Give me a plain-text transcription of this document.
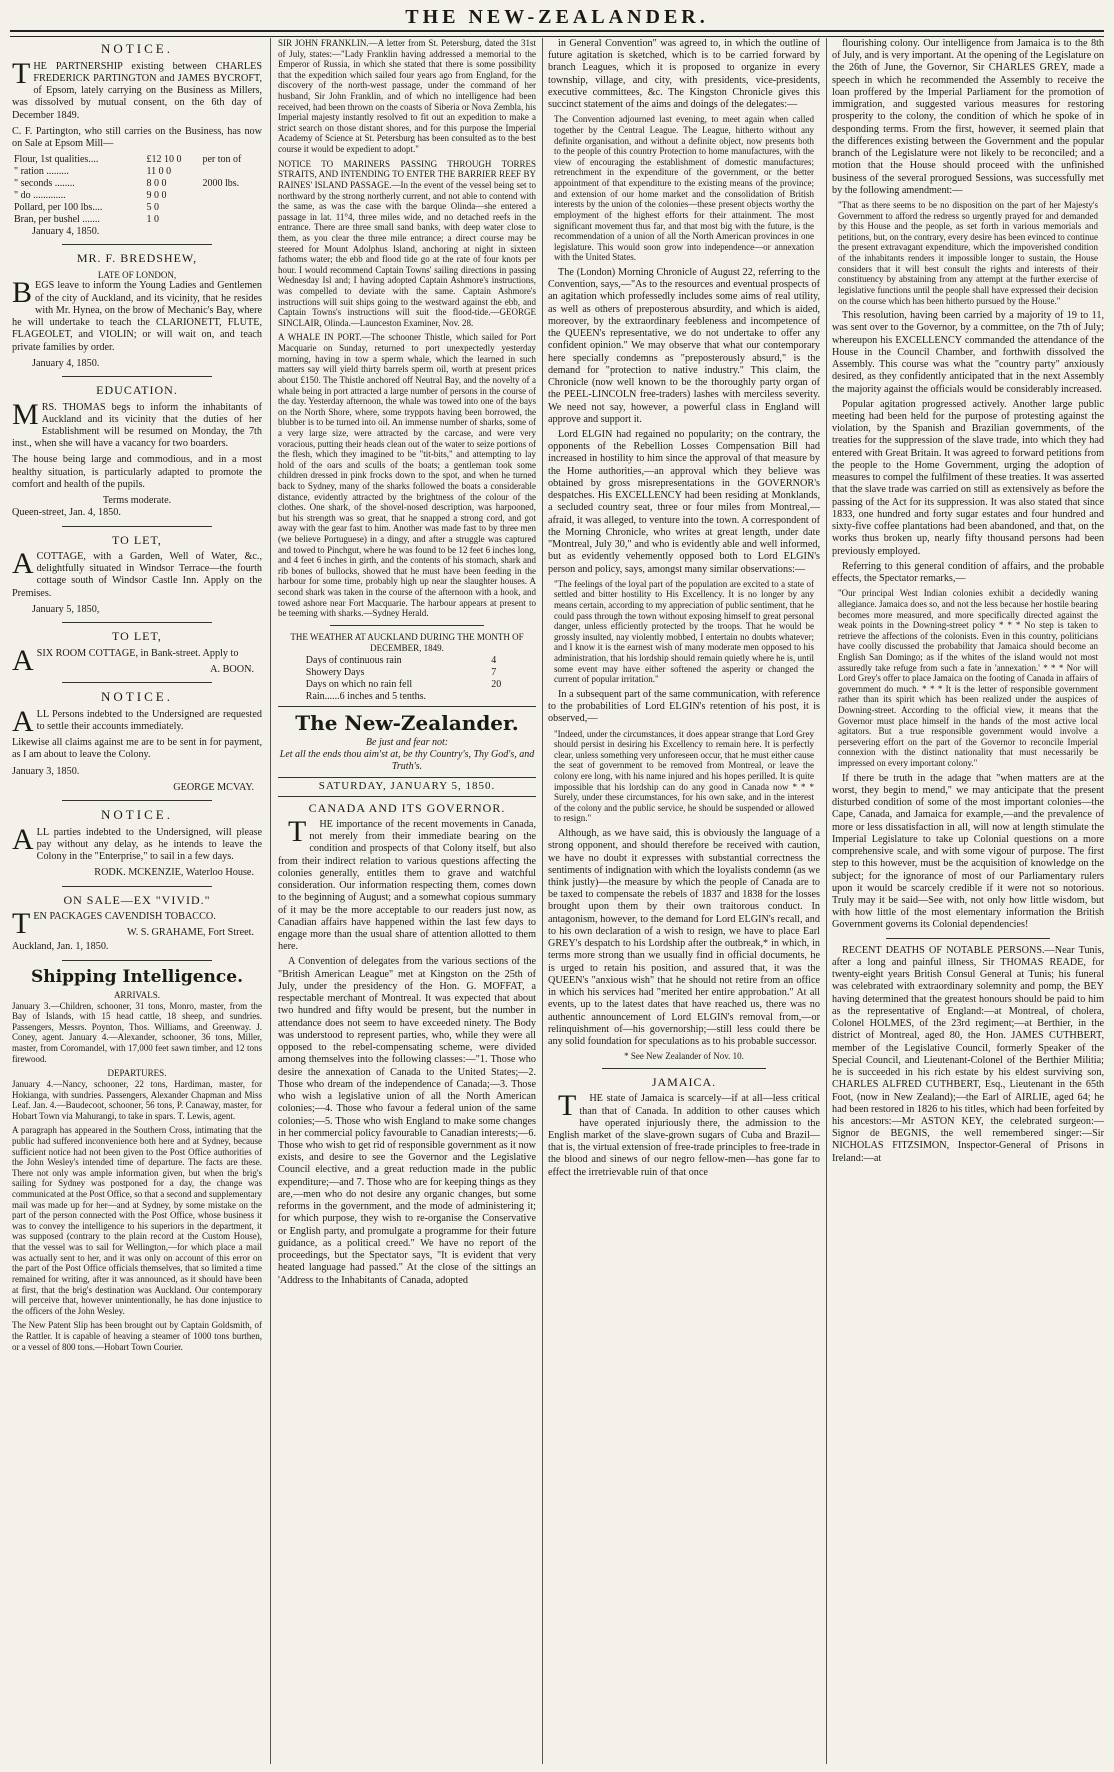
THE NEW-ZEALANDER.
NOTICE.
THE PARTNERSHIP existing between CHARLES FREDERICK PARTINGTON and JAMES BYCROFT, of Epsom, lately carrying on the Business as Millers, was dissolved by mutual consent, on the 6th day of December 1849.
C. F. Partington, who still carries on the Business, has now on Sale at Epsom Mill—
Flour, 1st qualities....	£12 10 0	per ton of
" ration .........	11 0 0	
" seconds ........	8 0 0	2000 lbs.
" do .............	9 0 0	
Pollard, per 100 lbs....	5 0	
Bran, per bushel .......	1 0	
January 4, 1850.
MR. F. BREDSHEW,
LATE OF LONDON,
BEGS leave to inform the Young Ladies and Gentlemen of the city of Auckland, and its vicinity, that he resides with Mr. Hynea, on the brow of Mechanic's Bay, where he will undertake to teach the CLARIONETT, FLUTE, FLAGEOLET, and VIOLIN; or will wait on, and teach private families by order.
January 4, 1850.
EDUCATION.
MRS. THOMAS begs to inform the inhabitants of Auckland and its vicinity that the duties of her Establishment will be resumed on Monday, the 7th inst., when she will have a vacancy for two boarders.
The house being large and commodious, and in a most healthy situation, is particularly adapted to promote the comfort and health of the pupils.
Terms moderate.
Queen-street, Jan. 4, 1850.
TO LET,
ACOTTAGE, with a Garden, Well of Water, &c., delightfully situated in Windsor Terrace—the fourth cottage south of Windsor Castle Inn. Apply on the Premises.
January 5, 1850,
TO LET,
ASIX ROOM COTTAGE, in Bank-street. Apply to
A. BOON.
NOTICE.
ALL Persons indebted to the Undersigned are requested to settle their accounts immediately.
Likewise all claims against me are to be sent in for payment, as I am about to leave the Colony.
January 3, 1850.
GEORGE MCVAY.
NOTICE.
ALL parties indebted to the Undersigned, will please pay without any delay, as he intends to leave the Colony in the "Enterprise," to sail in a few days.
RODK. MCKENZIE, Waterloo House.
ON SALE—EX "VIVID."
TEN PACKAGES CAVENDISH TOBACCO.
W. S. GRAHAME, Fort Street.
Auckland, Jan. 1, 1850.
Shipping Intelligence.
ARRIVALS.
January 3.—Children, schooner, 31 tons, Monro, master, from the Bay of Islands, with 15 head cattle, 18 sheep, and sundries. Passengers, Messrs. Poynton, Thos. Williams, and Greenway. J. Coney, agent. January 4.—Alexander, schooner, 36 tons, Miller, master, from Coromandel, with 17,000 feet sawn timber, and 12 tons firewood.
DEPARTURES.
January 4.—Nancy, schooner, 22 tons, Hardiman, master, for Hokianga, with sundries. Passengers, Alexander Chapman and Miss Leaf. Jan. 4.—Baudecoot, schooner, 56 tons, P. Canaway, master, for Hobart Town via Mahurangi, to take in spars. T. Lewis, agent.
A paragraph has appeared in the Southern Cross, intimating that the public had suffered inconvenience both here and at Sydney, because sufficient notice had not been given to the Post Office authorities of the John Wesley's intended time of departure. The facts are these. There not only was ample information given, but when the brig's sailing for Sydney was postponed for a day, the change was communicated at the Post Office, so that a second and supplementary mail was made up for her—and at Sydney, by some mistake on the part of the person connected with the Post Office, whose business it was to convey the intelligence to his superiors in the department, it was supposed (contrary to the plain record at the Custom House), that the vessel was to sail for Wellington,—for which place a mail was actually sent to her, and it was only on account of this error on the part of the Post Office officials themselves, that so limited a time remained for writing, after it was announced, as it should have been at first, that the brig's destination was Auckland. Our contemporary will perceive that, however unintentionally, he has done injustice to the officers of the John Wesley.
The New Patent Slip has been brought out by Captain Goldsmith, of the Rattler. It is capable of heaving a steamer of 1000 tons burthen, or a vessel of 800 tons.—Hobart Town Courier.
SIR JOHN FRANKLIN.—A letter from St. Petersburg, dated the 31st of July, states:—"Lady Franklin having addressed a memorial to the Emperor of Russia, in which she stated that there is some possibility that the expedition which sailed four years ago from England, for the discovery of the north-west passage, under the command of her husband, Sir John Franklin, and of which no intelligence had been received, had been thrown on the coasts of Siberia or Nova Zembla, his Imperial majesty instantly resolved to fit out an expedition to make a strict search on those distant shores, and for this purpose the Imperial Academy of Science at St. Petersburg has been consulted as to the best course it would be expedient to adopt."
NOTICE TO MARINERS PASSING THROUGH TORRES STRAITS, AND INTENDING TO ENTER THE BARRIER REEF BY RAINES' ISLAND PASSAGE.—In the event of the vessel being set to northward by the strong northerly current, and not able to contend with the same, as was the case with the barque Olinda—she entered a passage in lat. 11°4, three miles wide, and no detached reefs in the entrance. There are three small sand banks, with deep water close to them, as you clear the three mile entrance; a direct course may be steered for Mount Adolphus Island, anchoring at night in sixteen fathoms water; the ebb and flood tide go at the rate of four knots per hour. I would recommend Captain Towns' sailing directions in passing Wednesday Isl and; I having adopted Captain Ashmore's instructions, was compelled to deviate with the same. Captain Ashmore's instructions will suit ships going to the westward against the ebb, and Captain Towns's instructions will suit the flood-tide.—GEORGE SINCLAIR, Olinda.—Launceston Examiner, Nov. 28.
A WHALE IN PORT.—The schooner Thistle, which sailed for Port Macquarie on Sunday, returned to port unexpectedly yesterday morning, having in tow a sperm whale, which the learned in such matters say will yield thirty barrels sperm oil, worth at present prices about £150. The Thistle anchored off Neutral Bay, and the novelty of a whale being in port attracted a large number of persons in the course of the day. Yesterday afternoon, the whale was towed into one of the bays on the North Shore, where, some tryppots having been borrowed, the blubber is to be turned into oil. An immense number of sharks, some of a very large size, were attracted by the carcase, and were very voracious, putting their heads clean out of the water to seize portions of the flesh, which they imagined to be "tit-bits," and attempting to lay hold of the oars and sculls of the boats; a gentleman took some children dressed in pink frocks down to the spot, and when he turned back to Sydney, many of the sharks followed the boats a considerable distance, evidently attracted by the brightness of the colour of the clothes. One shark, of the shovel-nosed description, was harpooned, but his strength was so great, that he snapped a strong cord, and got away with the gear fast to him. Another was made fast to by three men (we believe Portuguese) in a dingy, and after a struggle was captured and towed to Pinchgut, where he was found to be 12 feet 6 inches long, and 4 feet 6 inches in girth, and the contents of his stomach, shark and rib bones of bullocks, showed that he must have been feeding in the harbour for some time, probably high up near the slaughter houses. A second shark was taken in the course of the afternoon with a hook, and towed ashore near Fort Macquarie. The harbour appears at present to be teeming with sharks.—Sydney Herald.
THE WEATHER AT AUCKLAND DURING THE MONTH OF DECEMBER, 1849.
Days of continuous rain	4
Showery Days	7
Days on which no rain fell	20
Rain......6 inches and 5 tenths.	
The New-Zealander.
Be just and fear not:
Let all the ends thou aim'st at, be thy Country's, Thy God's, and Truth's.
SATURDAY, JANUARY 5, 1850.
CANADA AND ITS GOVERNOR.

THE importance of the recent movements in Canada, not merely from their immediate bearing on the condition and prospects of that Colony itself, but also from their indirect relation to various questions affecting the colonies generally, entitles them to grave and watchful consideration. Our information respecting them, comes down to the beginning of August; and a somewhat copious summary of it may be the more acceptable to our readers just now, as Canadian affairs have happened within the last few days to engage more than the usual share of attention allotted to them here.

A Convention of delegates from the various sections of the "British American League" met at Kingston on the 25th of July, under the presidency of the Hon. G. MOFFAT, a respectable merchant of Montreal. It was expected that about two hundred and fifty would be present, but the number in attendance does not seem to have exceeded ninety. The Body was understood to represent parties, who, while they were all opposed to the rebel-compensating scheme, were divided among themselves into the following classes:—"1. Those who desire the annexation of Canada to the United States;—2. Those who dream of the independence of Canada;—3. Those who wish a legislative union of all the North American colonies;—4. Those who favour a federal union of the same colonies;—5. Those who wish England to make some changes in her commercial policy favourable to Canadian interests;—6. Those who wish to get rid of responsible government as it now exists, and desire to see the Governor and the Legislative Council elective, and a great reduction made in the public expenditure;—and 7. Those who are for keeping things as they are,—men who do not desire any organic changes, but some reforms in the government, and the mode of administering it; for which purpose, they wish to re-organise the Conservative or English party, and promulgate a programme for their future guidance, as a political creed." We have no report of the proceedings, but the Spectator says, "It is evident that very heated language had passed." At the close of the sittings an 'Address to the Inhabitants of Canada, adopted

in General Convention" was agreed to, in which the outline of future agitation is sketched, which is to be carried forward by branch Leagues, which it is proposed to organize in every township, village, and city, with presidents, vice-presidents, executive committees, &c. The Kingston Chronicle gives this succinct statement of the aims and doings of the delegates:—

The Convention adjourned last evening, to meet again when called together by the Central League. The League, hitherto without any definite organisation, and without a definite object, now presents both to the people of this country Protection to home manufactures, with the view of encouraging the establishment of domestic manufactures; retrenchment in the expenditure of the government, or the better appointment of that expenditure to the existing means of the province; and extension of our home market and the consolidation of British interests by the union of the colonies—these present objects worthy the employment of the highest efforts for their attainment. The most significant movement thus far, and that most big with the future, is the recommendation of a union of all the North American provinces in one legislature. This would soon grow into independence—or annexation with the United States.

The (London) Morning Chronicle of August 22, referring to the Convention, says,—"As to the resources and eventual prospects of an agitation which professedly includes some aims of real utility, as well as others of preposterous absurdity, and which is aided, moreover, by the extraordinary feebleness and incompetence of the QUEEN's representative, we do not undertake to offer any confident opinion." We may observe that what our contemporary here specially condemns as "preposterously absurd," is the demand for "protection to native industry." This claim, the Chronicle (now well known to be the thoroughly party organ of the PEEL-LINCOLN free-traders) lashes with merciless severity. We need not say, however, a powerful class in England will approve and support it.

Lord ELGIN had regained no popularity; on the contrary, the opponents of the Rebellion Losses Compensation Bill had increased in hostility to him since the approval of that measure by the Home authorities,—an approval which they believe was obtained by gross misrepresentations in the GOVERNOR's despatches. His EXCELLENCY had been residing at Monklands, a secluded country seat, three or four miles from Montreal,—afraid, it was alleged, to venture into the town. A correspondent of the Morning Chronicle, who writes at great length, under date "Montreal, July 30," and who is evidently able and well informed, but as evidently vehemently opposed both to Lord ELGIN's person and policy, says, amongst many similar observations:—

"The feelings of the loyal part of the population are excited to a state of settled and bitter hostility to His Excellency. It is no longer by any means certain, according to my appreciation of public sentiment, that he could pass through the town without exposing himself to great personal danger, unless efficiently protected by the troops. That he would be grossly insulted, nay violently mobbed, I entertain no doubts whatever; and I know it is the earnest wish of many moderate men opposed to his administration, that his lordship should remain quietly where he is, until some event may have either softened the asperity or changed the current of popular irritation."

In a subsequent part of the same communication, with reference to the probabilities of Lord ELGIN's retention of his post, it is observed,—

"Indeed, under the circumstances, it does appear strange that Lord Grey should persist in desiring his Excellency to remain here. It is perfectly clear, unless something very unforeseen occur, that he must either cause the seat of government to be removed from Montreal, or leave the colony ere long, with his name injured and his hopes perilled. It is quite impossible that his lordship can do any good in Canada now * * * Surely, under these circumstances, for his own sake, and in the interest of the colony and the public service, he should be suspended or allowed to resign."

Although, as we have said, this is obviously the language of a strong opponent, and should therefore be received with caution, we have no doubt it expresses with substantial correctness the sentiments of indignation with which the loyalists condemn (as we think justly)—the measure by which the people of Canada are to be taxed to compensate the rebels of 1837 and 1838 for the losses brought upon them by their own traitorous conduct. In antagonism, however, to the demand for Lord ELGIN's recall, and to his own declaration of a wish to resign, we have to place Earl GREY's despatch to his Lordship after the outbreak,* in which, in terms more strong than we usually find in official documents, he is urged to retain his position, and assured that, it was the QUEEN's "anxious wish" that he should not retire from an office in which his services had "merited her entire approbation." At all events, up to the latest dates that have reached us, there was no authentic announcement of Lord ELGIN's removal from,—or relinquishment of—his governorship;—still less could there be any solid foundation for speculations as to his probable successor.

* See New Zealander of Nov. 10.
JAMAICA.

THE state of Jamaica is scarcely—if at all—less critical than that of Canada. In addition to other causes which have operated injuriously there, the admission to the English market of the slave-grown sugars of Cuba and Brazil—that is, the virtual extension of free-trade principles to free-trade in the blood and sinews of our negro fellow-men—has gone far to effect the irretrievable ruin of that once

flourishing colony. Our intelligence from Jamaica is to the 8th of July, and is very important. At the opening of the Legislature on the 26th of June, the Governor, Sir CHARLES GREY, made a speech in which he recommended the Assembly to receive the loan proffered by the Imperial Parliament for the promotion of immigration, and suggested various measures for restoring prosperity to the colony, the condition of which he spoke of in desponding terms. From the first, however, it seemed plain that the differences existing between the Government and the popular branch of the Legislature were not likely to be reconciled; and a motion that the House should proceed with the unfinished business of the several prorogued Sessions, was successfully met by the following amendment:—

"That as there seems to be no disposition on the part of her Majesty's Government to afford the redress so urgently prayed for and demanded by this House and the people, as set forth in various memorials and petitions, but, on the contrary, every desire has been evinced to continue the present extravagant expenditure, which the impoverished condition of the inhabitants renders it impossible longer to sustain, the House considers that it will best consult the rights and interests of their constituency by abstaining from any attempt at the further exercise of legislative functions until the people shall have expressed their decision on the course which has been hitherto pursued by the House."

This resolution, having been carried by a majority of 19 to 11, was sent over to the Governor, by a committee, on the 7th of July; whereupon his EXCELLENCY commanded the attendance of the House in the Council Chamber, and forthwith dissolved the Assembly. This course was what the "country party" anxiously desired, as they confidently anticipated that in the next Assembly the majority against the officials would be considerably increased.

Popular agitation progressed actively. Another large public meeting had been held for the purpose of protesting against the violation, by the Spanish and Brazilian governments, of the treaties for the suppression of the slave trade, into which they had entered with Great Britain. It was agreed to forward petitions from the people to the Home Government, urging the adoption of measures to compel the fulfilment of these treaties. It was asserted that the slave trade was carried on still as extensively as before the passing of the Act for its suppression. It was also stated that since 1833, one hundred and forty sugar estates and four hundred and sixty-five coffee plantations had been abandoned, and that, on the works thus broken up, nearly fifty thousand persons had been previously employed.

Referring to this general condition of affairs, and the probable effects, the Spectator remarks,—

"Our principal West Indian colonies exhibit a decidedly waning allegiance. Jamaica does so, and not the less because her hostile bearing becomes more measured, and more specifically directed against the weak points in the Downing-street policy * * * No step is taken to retrieve the affections of the colonists. Even in this country, politicians have coolly discussed the probability that Jamaica should become an English San Domingo; as if the whites of the island would not most assuredly take refuge from such a fate in 'annexation.' * * * Nor will Lord Grey's offer to place Jamaica on the footing of Canada in affairs of government do much. * * * It is the letter of responsible government rather than its spirit which has been realized under the auspices of Downing-street. According to the official view, it means that the Governor must place himself in the hands of the most active local agitators. But a true responsible government would involve a persevering effort on the part of the Governor to reconcile Imperial connexion with the distinct nationality that must necessarily be impressed on every important colony."

If there be truth in the adage that "when matters are at the worst, they begin to mend," we may anticipate that the present disturbed condition of some of the most important colonies—the Cape, Canada, and Jamaica for example,—and the prevalence of more or less dissatisfaction in all, will now at length stimulate the Imperial Legislature to take up Colonial questions on a more comprehensive scale, and with some vigour of purpose. The first step to this however, must be the acquisition of knowledge on the subject; for the ignorance of most of our Parliamentary rulers upon it would be scarcely credible if it were not so notorious. Truly may it be said—See with, not only how little wisdom, but with how little of the most elementary information the British Government governs its Colonial dependencies!

RECENT DEATHS OF NOTABLE PERSONS.—Near Tunis, after a long and painful illness, Sir THOMAS READE, for twenty-eight years British Consul General at Tunis; his funeral was celebrated with extraordinary solemnity and pomp, the BEY having determined that the greatest honours should be paid to him as the representative of England:—at Montreal, of cholera, Colonel HOLMES, of the 23rd regiment;—at Berthier, in the district of Montreal, aged 80, the Hon. JAMES CUTHBERT, member of the Legislative Council, formerly Speaker of the Special Council, and Lieutenant-Colonel of the Berthier Militia; he is succeeded in his rich estate by his eldest surviving son, CHARLES ALFRED CUTHBERT, Esq., Lieutenant in the 65th Foot, (now in New Zealand);—the Earl of AIRLIE, aged 64; he had been restored in 1826 to his titles, which had been forfeited by his ancestors:—Mr ASTON KEY, the celebrated surgeon:—Signor de BEGNIS, the well remembered singer:—Sir NICHOLAS FITZSIMON, Inspector-General of Prisons in Ireland:—at
